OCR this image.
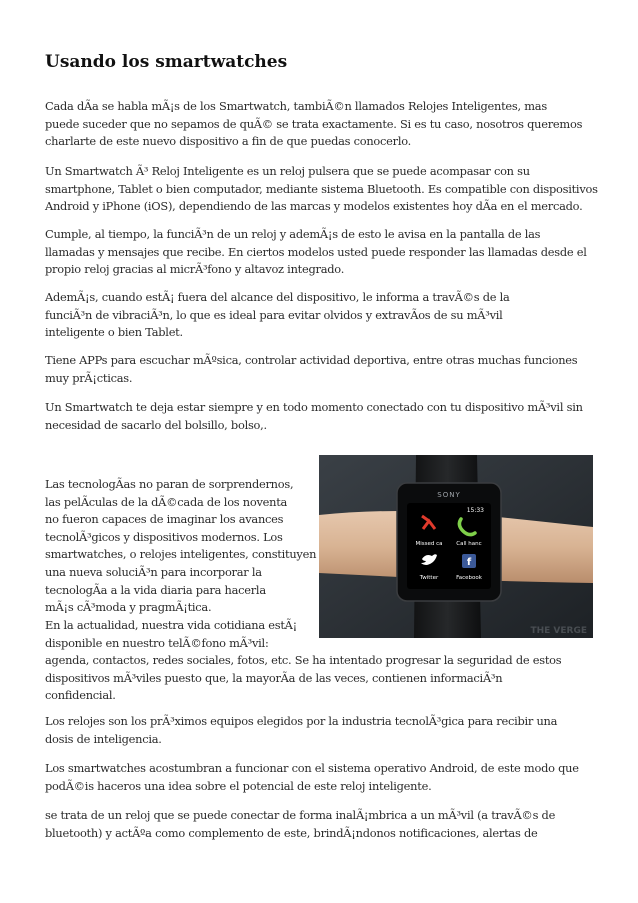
Usando los smartwatches
Cada dÃa se habla mÃ¡s de los Smartwatch, tambiÃ©n llamados Relojes Inteligentes, mas
puede suceder que no sepamos de quÃ© se trata exactamente. Si es tu caso, nosotros queremos
charlarte de este nuevo dispositivo a fin de que puedas conocerlo.
Un Smartwatch Ã³ Reloj Inteligente es un reloj pulsera que se puede acompasar con su
smartphone, Tablet o bien computador, mediante sistema Bluetooth. Es compatible con dispositivos
Android y iPhone (iOS), dependiendo de las marcas y modelos existentes hoy dÃa en el mercado.
Cumple, al tiempo, la funciÃ³n de un reloj y ademÃ¡s de esto le avisa en la pantalla de las
llamadas y mensajes que recibe. En ciertos modelos usted puede responder las llamadas desde el
propio reloj gracias al micrÃ³fono y altavoz integrado.
AdemÃ¡s, cuando estÃ¡ fuera del alcance del dispositivo, le informa a travÃ©s de la
funciÃ³n de vibraciÃ³n, lo que es ideal para evitar olvidos y extravÃos de su mÃ³vil
inteligente o bien Tablet.
Tiene APPs para escuchar mÃºsica, controlar actividad deportiva, entre otras muchas funciones
muy prÃ¡cticas.
Un Smartwatch te deja estar siempre y en todo momento conectado con tu dispositivo mÃ³vil sin
necesidad de sacarlo del bolsillo, bolso,.
Las tecnologÃas no paran de sorprendernos,
las pelÃculas de la dÃ©cada de los noventa
no fueron capaces de imaginar los avances
tecnolÃ³gicos y dispositivos modernos. Los
smartwatches, o relojes inteligentes, constituyen
una nueva soluciÃ³n para incorporar la
tecnologÃa a la vida diaria para hacerla
mÃ¡s cÃ³moda y pragmÃ¡tica.
En la actualidad, nuestra vida cotidiana estÃ¡
disponible en nuestro telÃ©fono mÃ³vil:
agenda, contactos, redes sociales, fotos, etc. Se ha intentado progresar la seguridad de estos
dispositivos mÃ³viles puesto que, la mayorÃa de las veces, contienen informaciÃ³n
confidencial.
Los relojes son los prÃ³ximos equipos elegidos por la industria tecnolÃ³gica para recibir una
dosis de inteligencia.
Los smartwatches acostumbran a funcionar con el sistema operativo Android, de este modo que
podÃ©is haceros una idea sobre el potencial de este reloj inteligente.
se trata de un reloj que se puede conectar de forma inalÃ¡mbrica a un mÃ³vil (a travÃ©s de
bluetooth) y actÃºa como complemento de este, brindÃ¡ndonos notificaciones, alertas de
SONY
15:33
Missed ca	Call hanc
Twitter
f
Facebook
THE VERGE
